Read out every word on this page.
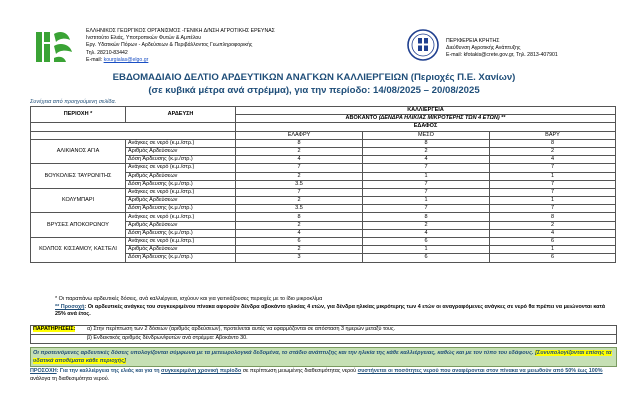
ΕΛΛΗΝΙΚΟΣ ΓΕΩΡΓΙΚΟΣ ΟΡΓΑΝΙΣΜΟΣ -ΓΕΝΙΚΗ Δ/ΝΣΗ ΑΓΡΟΤΙΚΗΣ ΕΡΕΥΝΑΣ
Ινστιτούτο Ελιάς, Υποτροπικών Φυτών & Αμπέλου
Εργ. Υδατικών Πόρων - Αρδεύσεων & Περιβάλλοντος Γεωπληροφορικής
Τηλ. 28210-83442
E-mail: kourgialas@elgo.gr
ΠΕΡΙΦΕΡΕΙΑ ΚΡΗΤΗΣ
Διεύθυνση Αγροτικής Ανάπτυξης
E-mail: kfotakis@crete.gov.gr, Τηλ. 2813-407901
ΕΒΔΟΜΑΔΙΑΙΟ ΔΕΛΤΙΟ ΑΡΔΕΥΤΙΚΩΝ ΑΝΑΓΚΩΝ ΚΑΛΛΙΕΡΓΕΙΩΝ (Περιοχές Π.Ε. Χανίων)
(σε κυβικά μέτρα ανά στρέμμα), για την περίοδο: 14/08/2025 – 20/08/2025
Συνέχεια από προηγούμενη σελίδα.
ΠΕΡΙΟΧΗ *	ΑΡΔΕΥΣΗ	ΚΑΛΛΙΕΡΓΕΙΑ		
		ΑΒΟΚΑΝΤΟ (ΔΕΝΔΡΑ ΗΛΙΚΙΑΣ ΜΙΚΡΟΤΕΡΗΣ ΤΩΝ 4 ΕΤΩΝ) **		
		ΕΔΑΦΟΣ		
		ΕΛΑΦΡΥ	ΜΕΣΟ	ΒΑΡΥ
ΑΛΙΚΙΑΝΟΣ ΑΓΙΑ	Ανάγκες σε νερό (κ.μ./στρ.)	8	8	8
	Αριθμός Αρδεύσεων	2	2	2
	Δόση Άρδευσης (κ.μ./στρ.)	4	4	4
ΒΟΥΚΟΛΙΕΣ ΤΑΥΡΩΝΙΤΗΣ	Ανάγκες σε νερό (κ.μ./στρ.)	7	7	7
	Αριθμός Αρδεύσεων	2	1	1
	Δόση Άρδευσης (κ.μ./στρ.)	3.5	7	7
ΚΟΛΥΜΠΑΡΙ	Ανάγκες σε νερό (κ.μ./στρ.)	7	7	7
	Αριθμός Αρδεύσεων	2	1	1
	Δόση Άρδευσης (κ.μ./στρ.)	3.5	7	7
ΒΡΥΣΕΣ ΑΠΟΚΟΡΩΝΟΥ	Ανάγκες σε νερό (κ.μ./στρ.)	8	8	8
	Αριθμός Αρδεύσεων	2	2	2
	Δόση Άρδευσης (κ.μ./στρ.)	4	4	4
ΚΟΛΠΟΣ ΚΙΣΣΑΜΟΥ, ΚΑΣΤΕΛΙ	Ανάγκες σε νερό (κ.μ./στρ.)	6	6	6
	Αριθμός Αρδεύσεων	2	1	1
	Δόση Άρδευσης (κ.μ./στρ.)	3	6	6
* Οι παραπάνω αρδευτικές δόσεις, ανά καλλιέργεια, ισχύουν και για γειτνιάζουσες περιοχές με το ίδιο μικροκλίμα
** Προσοχή: Οι αρδευτικές ανάγκες του συγκεκριμένου πίνακα αφορούν δένδρα αβοκάντο ηλικίας 4 ετών, για δένδρα ηλικίας μικρότερης των 4 ετών οι αναγραφόμενες ανάγκες σε νερό θα πρέπει να μειώνονται κατά 25% ανά έτος.
ΠΑΡΑΤΗΡΗΣΕΙΣ:	α) Στην περίπτωση των 2 δόσεων (αριθμός αρδεύσεων), προτείνεται αυτές να εφαρμόζονται σε απόσταση 3 ημερών μεταξύ τους.
β) Ενδεικτικός αριθμός δένδρων/φυτών ανά στρέμμα: Αβοκάντο 30.
Οι προτεινόμενες αρδευτικές δόσεις υπολογίζονται σύμφωνα με τα μετεωρολογικά δεδομένα, το στάδιο ανάπτυξης και την ηλικία της κάθε καλλιέργειας, καθώς και με τον τύπο του εδάφους. [Συνυπολογίζονται επίσης τα υδατικά αποθέματα κάθε περιοχής]
ΠΡΟΣΟΧΗ: Για την καλλιέργεια της ελιάς και για τη συγκεκριμένη χρονική περίοδο σε περίπτωση μειωμένης διαθεσιμότητας νερού συστήνεται οι ποσότητες νερού που αναφέρονται στον πίνακα να μειωθούν από 50% έως 100% ανάλογα τη διαθεσιμότητα νερού.
